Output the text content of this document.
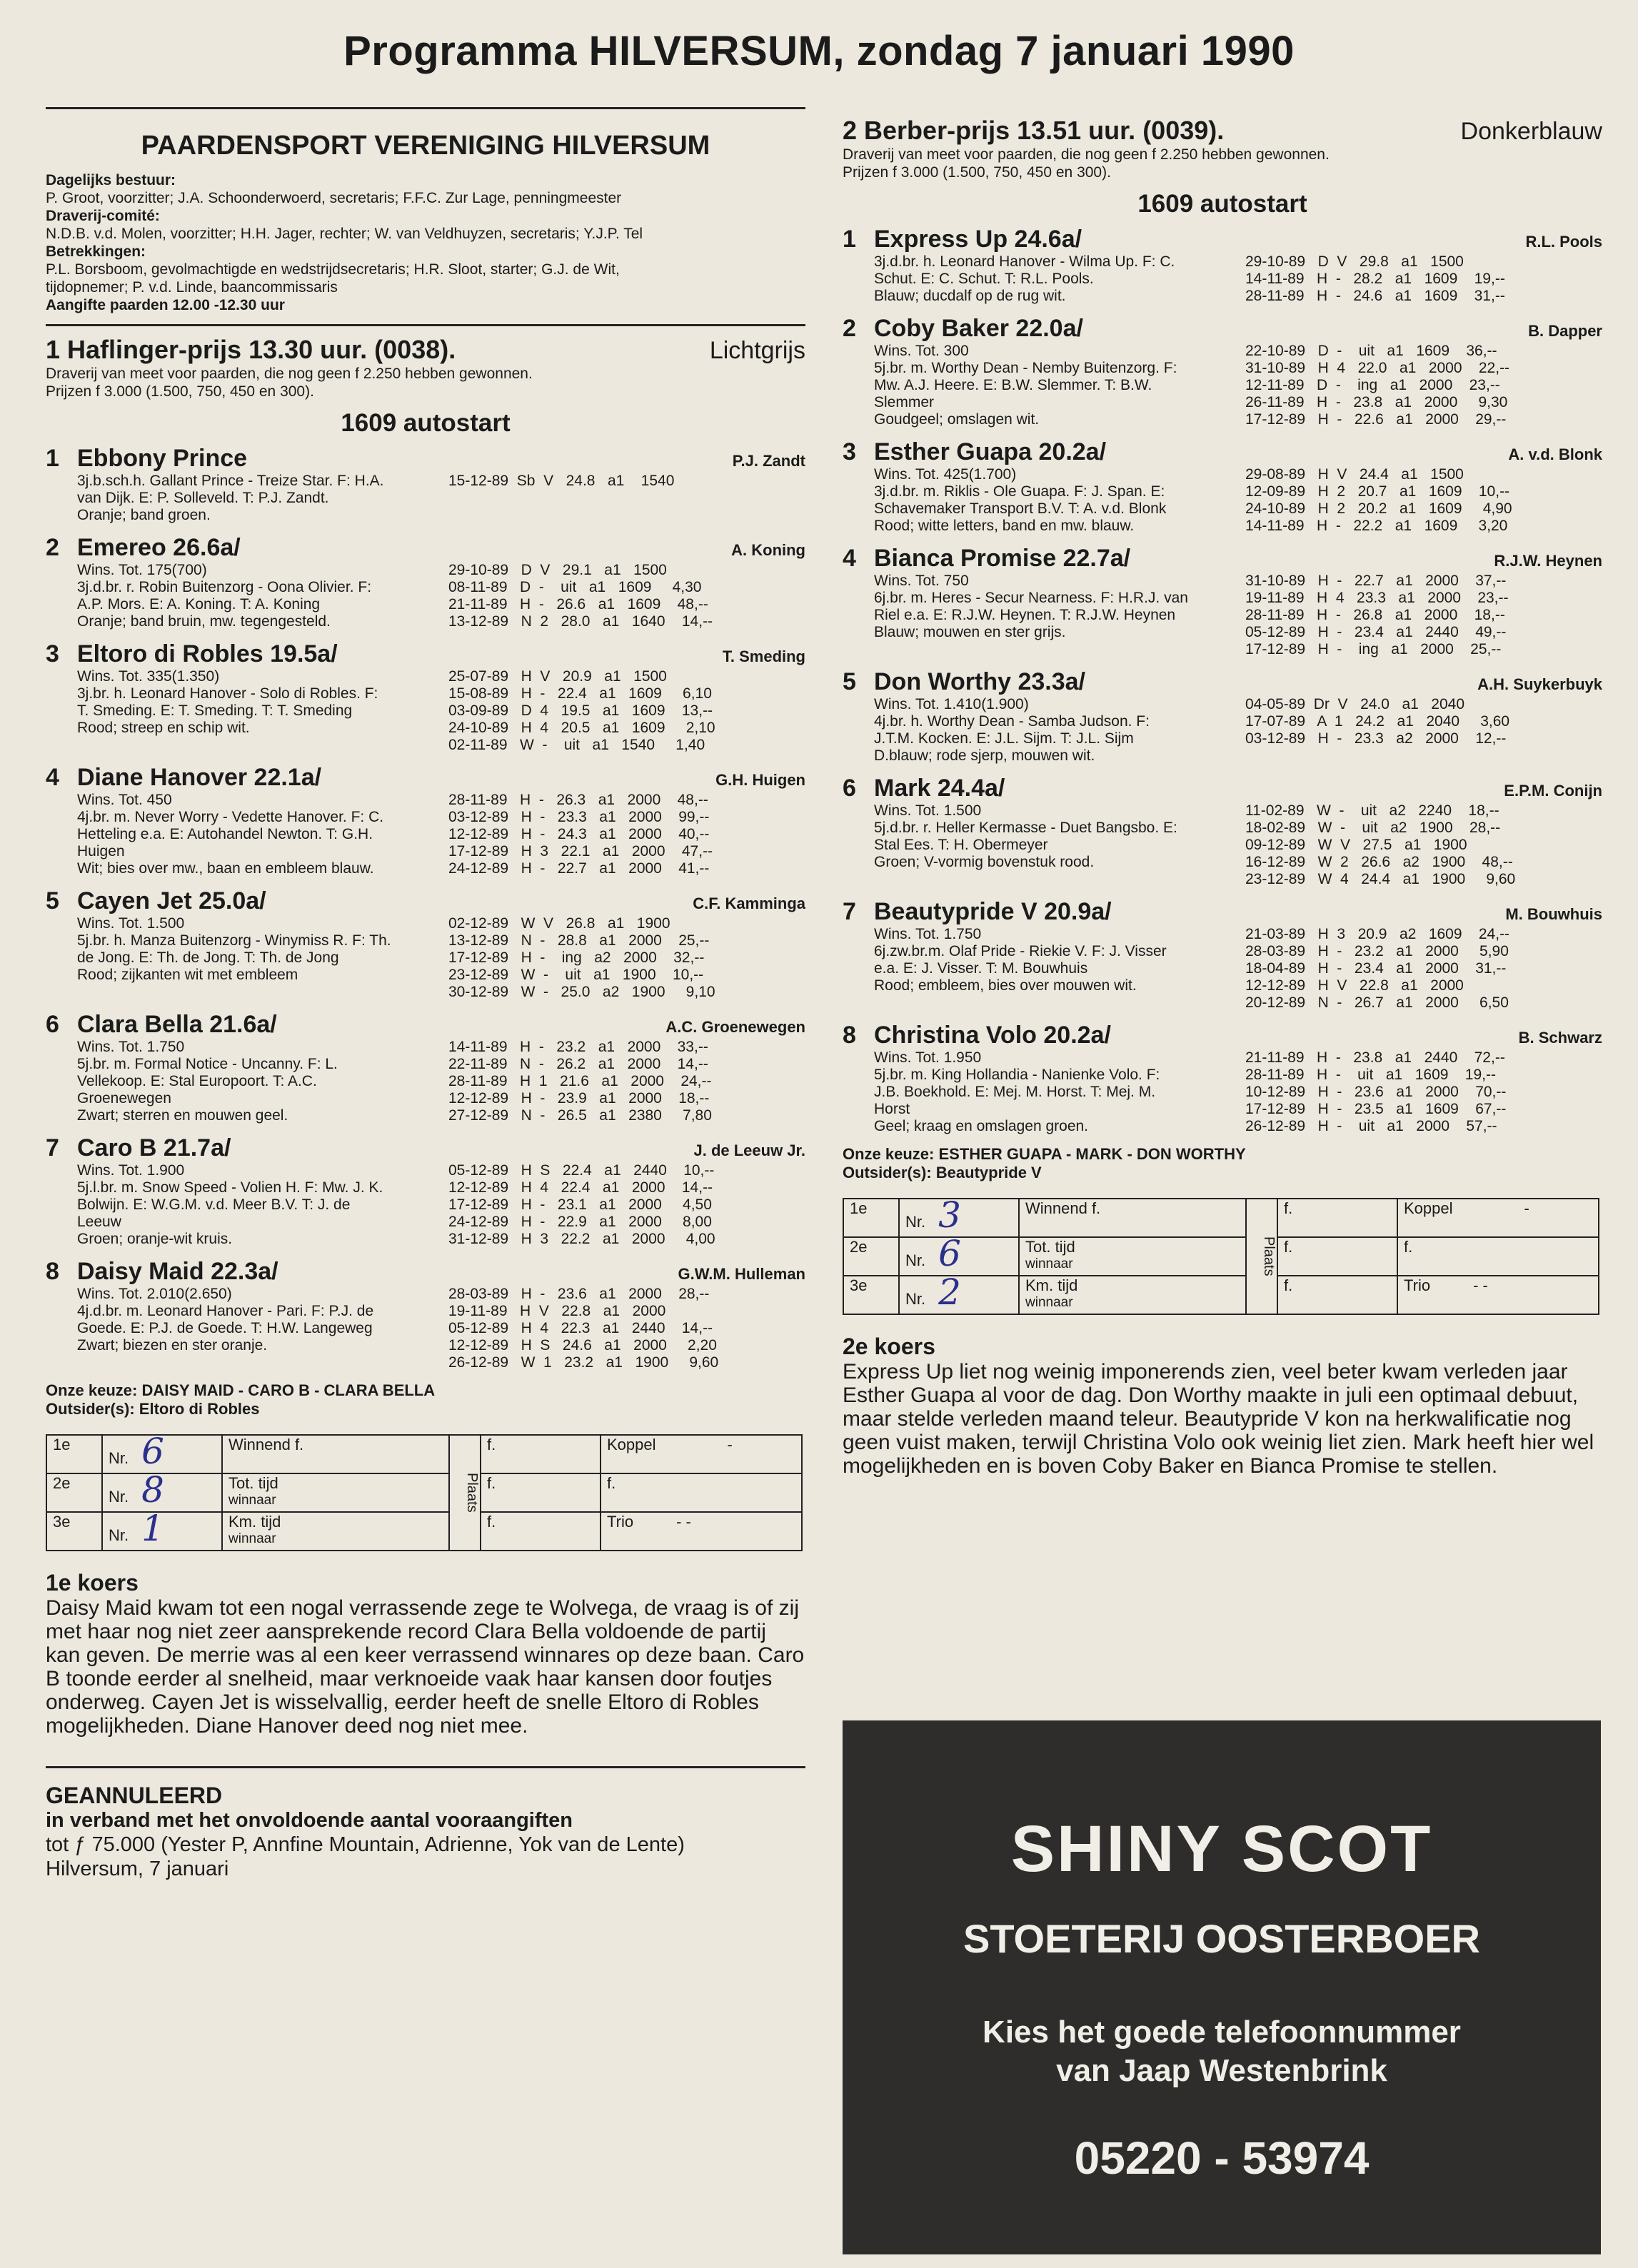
Programma HILVERSUM, zondag 7 januari 1990
PAARDENSPORT VERENIGING HILVERSUM

Dagelijks bestuur:

P. Groot, voorzitter; J.A. Schoonderwoerd, secretaris; F.F.C. Zur Lage, penningmeester

Draverij-comité:

N.D.B. v.d. Molen, voorzitter; H.H. Jager, rechter; W. van Veldhuyzen, secretaris; Y.J.P. Tel

Betrekkingen:

P.L. Borsboom, gevolmachtigde en wedstrijdsecretaris; H.R. Sloot, starter; G.J. de Wit,

tijdopnemer; P. v.d. Linde, baancommissaris

Aangifte paarden 12.00 -12.30 uur

1 Haflinger-prijs 13.30 uur. (0038).	Lichtgrijs
Draverij van meet voor paarden, die nog geen f 2.250 hebben gewonnen.
Prijzen f 3.000 (1.500, 750, 450 en 300).
1609 autostart
1 Ebbony Prince	P.J. Zandt
3j.b.sch.h. Gallant Prince - Treize Star. F: H.A.
van Dijk. E: P. Solleveld. T: P.J. Zandt.
Oranje; band groen.
15-12-89  Sb  V   24.8   a1    1540
2 Emereo 26.6a/	A. Koning
Wins. Tot. 175(700)
3j.d.br. r. Robin Buitenzorg - Oona Olivier. F:
A.P. Mors. E: A. Koning. T: A. Koning
Oranje; band bruin, mw. tegengesteld.
29-10-89   D  V   29.1   a1   1500
08-11-89   D  -    uit   a1   1609     4,30
21-11-89   H  -   26.6   a1   1609    48,--
13-12-89   N  2   28.0   a1   1640    14,--
3 Eltoro di Robles 19.5a/	T. Smeding
Wins. Tot. 335(1.350)
3j.br. h. Leonard Hanover - Solo di Robles. F:
T. Smeding. E: T. Smeding. T: T. Smeding
Rood; streep en schip wit.
25-07-89   H  V   20.9   a1   1500
15-08-89   H  -   22.4   a1   1609     6,10
03-09-89   D  4   19.5   a1   1609    13,--
24-10-89   H  4   20.5   a1   1609     2,10
02-11-89   W  -    uit   a1   1540     1,40
4 Diane Hanover 22.1a/	G.H. Huigen
Wins. Tot. 450
4j.br. m. Never Worry - Vedette Hanover. F: C.
Hetteling e.a. E: Autohandel Newton. T: G.H.
Huigen
Wit; bies over mw., baan en embleem blauw.
28-11-89   H  -   26.3   a1   2000    48,--
03-12-89   H  -   23.3   a1   2000    99,--
12-12-89   H  -   24.3   a1   2000    40,--
17-12-89   H  3   22.1   a1   2000    47,--
24-12-89   H  -   22.7   a1   2000    41,--
5 Cayen Jet 25.0a/	C.F. Kamminga
Wins. Tot. 1.500
5j.br. h. Manza Buitenzorg - Winymiss R. F: Th.
de Jong. E: Th. de Jong. T: Th. de Jong
Rood; zijkanten wit met embleem
02-12-89   W  V   26.8   a1   1900
13-12-89   N  -   28.8   a1   2000    25,--
17-12-89   H  -    ing   a2   2000    32,--
23-12-89   W  -    uit   a1   1900    10,--
30-12-89   W  -   25.0   a2   1900     9,10
6 Clara Bella 21.6a/	A.C. Groenewegen
Wins. Tot. 1.750
5j.br. m. Formal Notice - Uncanny. F: L.
Vellekoop. E: Stal Europoort. T: A.C.
Groenewegen
Zwart; sterren en mouwen geel.
14-11-89   H  -   23.2   a1   2000    33,--
22-11-89   N  -   26.2   a1   2000    14,--
28-11-89   H  1   21.6   a1   2000    24,--
12-12-89   H  -   23.9   a1   2000    18,--
27-12-89   N  -   26.5   a1   2380     7,80
7 Caro B 21.7a/	J. de Leeuw Jr.
Wins. Tot. 1.900
5j.l.br. m. Snow Speed - Volien H. F: Mw. J. K.
Bolwijn. E: W.G.M. v.d. Meer B.V. T: J. de
Leeuw
Groen; oranje-wit kruis.
05-12-89   H  S   22.4   a1   2440    10,--
12-12-89   H  4   22.4   a1   2000    14,--
17-12-89   H  -   23.1   a1   2000     4,50
24-12-89   H  -   22.9   a1   2000     8,00
31-12-89   H  3   22.2   a1   2000     4,00
8 Daisy Maid 22.3a/	G.W.M. Hulleman
Wins. Tot. 2.010(2.650)
4j.d.br. m. Leonard Hanover - Pari. F: P.J. de
Goede. E: P.J. de Goede. T: H.W. Langeweg
Zwart; biezen en ster oranje.
28-03-89   H  -   23.6   a1   2000    28,--
19-11-89   H  V   22.8   a1   2000
05-12-89   H  4   22.3   a1   2440    14,--
12-12-89   H  S   24.6   a1   2000     2,20
26-12-89   W  1   23.2   a1   1900     9,60
Onze keuze: DAISY MAID - CARO B - CLARA BELLA
Outsider(s): Eltoro di Robles
1e	Nr. 6	Winnend f.	Plaats	f.	Koppel -
2e	Nr. 8	Tot. tijd
winnaar		f.	f.
3e	Nr. 1	Km. tijd
winnaar		f.	Trio - -
1e koers
Daisy Maid kwam tot een nogal verrassende zege te Wolvega, de vraag is of zij met haar nog niet zeer aansprekende record Clara Bella voldoende de partij kan geven. De merrie was al een keer verrassend winnares op deze baan. Caro B toonde eerder al snelheid, maar verknoeide vaak haar kansen door foutjes onderweg. Cayen Jet is wisselvallig, eerder heeft de snelle Eltoro di Robles mogelijkheden. Diane Hanover deed nog niet mee.
GEANNULEERD
in verband met het onvoldoende aantal vooraangiften

tot ƒ 75.000 (Yester P, Annfine Mountain, Adrienne, Yok van de Lente)

Hilversum, 7 januari

2 Berber-prijs 13.51 uur. (0039).	Donkerblauw
Draverij van meet voor paarden, die nog geen f 2.250 hebben gewonnen.
Prijzen f 3.000 (1.500, 750, 450 en 300).
1609 autostart
1 Express Up 24.6a/	R.L. Pools
3j.d.br. h. Leonard Hanover - Wilma Up. F: C.
Schut. E: C. Schut. T: R.L. Pools.
Blauw; ducdalf op de rug wit.
29-10-89   D  V   29.8   a1   1500
14-11-89   H  -   28.2   a1   1609    19,--
28-11-89   H  -   24.6   a1   1609    31,--
2 Coby Baker 22.0a/	B. Dapper
Wins. Tot. 300
5j.br. m. Worthy Dean - Nemby Buitenzorg. F:
Mw. A.J. Heere. E: B.W. Slemmer. T: B.W.
Slemmer
Goudgeel; omslagen wit.
22-10-89   D  -    uit   a1   1609    36,--
31-10-89   H  4   22.0   a1   2000    22,--
12-11-89   D  -    ing   a1   2000    23,--
26-11-89   H  -   23.8   a1   2000     9,30
17-12-89   H  -   22.6   a1   2000    29,--
3 Esther Guapa 20.2a/	A. v.d. Blonk
Wins. Tot. 425(1.700)
3j.d.br. m. Riklis - Ole Guapa. F: J. Span. E:
Schavemaker Transport B.V. T: A. v.d. Blonk
Rood; witte letters, band en mw. blauw.
29-08-89   H  V   24.4   a1   1500
12-09-89   H  2   20.7   a1   1609    10,--
24-10-89   H  2   20.2   a1   1609     4,90
14-11-89   H  -   22.2   a1   1609     3,20
4 Bianca Promise 22.7a/	R.J.W. Heynen
Wins. Tot. 750
6j.br. m. Heres - Secur Nearness. F: H.R.J. van
Riel e.a. E: R.J.W. Heynen. T: R.J.W. Heynen
Blauw; mouwen en ster grijs.
31-10-89   H  -   22.7   a1   2000    37,--
19-11-89   H  4   23.3   a1   2000    23,--
28-11-89   H  -   26.8   a1   2000    18,--
05-12-89   H  -   23.4   a1   2440    49,--
17-12-89   H  -    ing   a1   2000    25,--
5 Don Worthy 23.3a/	A.H. Suykerbuyk
Wins. Tot. 1.410(1.900)
4j.br. h. Worthy Dean - Samba Judson. F:
J.T.M. Kocken. E: J.L. Sijm. T: J.L. Sijm
D.blauw; rode sjerp, mouwen wit.
04-05-89  Dr  V   24.0   a1   2040
17-07-89   A  1   24.2   a1   2040     3,60
03-12-89   H  -   23.3   a2   2000    12,--
6 Mark 24.4a/	E.P.M. Conijn
Wins. Tot. 1.500
5j.d.br. r. Heller Kermasse - Duet Bangsbo. E:
Stal Ees. T: H. Obermeyer
Groen; V-vormig bovenstuk rood.
11-02-89   W  -    uit   a2   2240    18,--
18-02-89   W  -    uit   a2   1900    28,--
09-12-89   W  V   27.5   a1   1900
16-12-89   W  2   26.6   a2   1900    48,--
23-12-89   W  4   24.4   a1   1900     9,60
7 Beautypride V 20.9a/	M. Bouwhuis
Wins. Tot. 1.750
6j.zw.br.m. Olaf Pride - Riekie V. F: J. Visser
e.a. E: J. Visser. T: M. Bouwhuis
Rood; embleem, bies over mouwen wit.
21-03-89   H  3   20.9   a2   1609    24,--
28-03-89   H  -   23.2   a1   2000     5,90
18-04-89   H  -   23.4   a1   2000    31,--
12-12-89   H  V   22.8   a1   2000
20-12-89   N  -   26.7   a1   2000     6,50
8 Christina Volo 20.2a/	B. Schwarz
Wins. Tot. 1.950
5j.br. m. King Hollandia - Nanienke Volo. F:
J.B. Boekhold. E: Mej. M. Horst. T: Mej. M.
Horst
Geel; kraag en omslagen groen.
21-11-89   H  -   23.8   a1   2440    72,--
28-11-89   H  -    uit   a1   1609    19,--
10-12-89   H  -   23.6   a1   2000    70,--
17-12-89   H  -   23.5   a1   1609    67,--
26-12-89   H  -    uit   a1   2000    57,--
Onze keuze: ESTHER GUAPA - MARK - DON WORTHY
Outsider(s): Beautypride V
1e	Nr. 3	Winnend f.	Plaats	f.	Koppel -
2e	Nr. 6	Tot. tijd
winnaar		f.	f.
3e	Nr. 2	Km. tijd
winnaar		f.	Trio - -
2e koers
Express Up liet nog weinig imponerends zien, veel beter kwam verleden jaar Esther Guapa al voor de dag. Don Worthy maakte in juli een optimaal debuut, maar stelde verleden maand teleur. Beautypride V kon na herkwalificatie nog geen vuist maken, terwijl Christina Volo ook weinig liet zien. Mark heeft hier wel mogelijkheden en is boven Coby Baker en Bianca Promise te stellen.
SHINY SCOT
STOETERIJ OOSTERBOER
Kies het goede telefoonnummer
van Jaap Westenbrink
05220 - 53974
